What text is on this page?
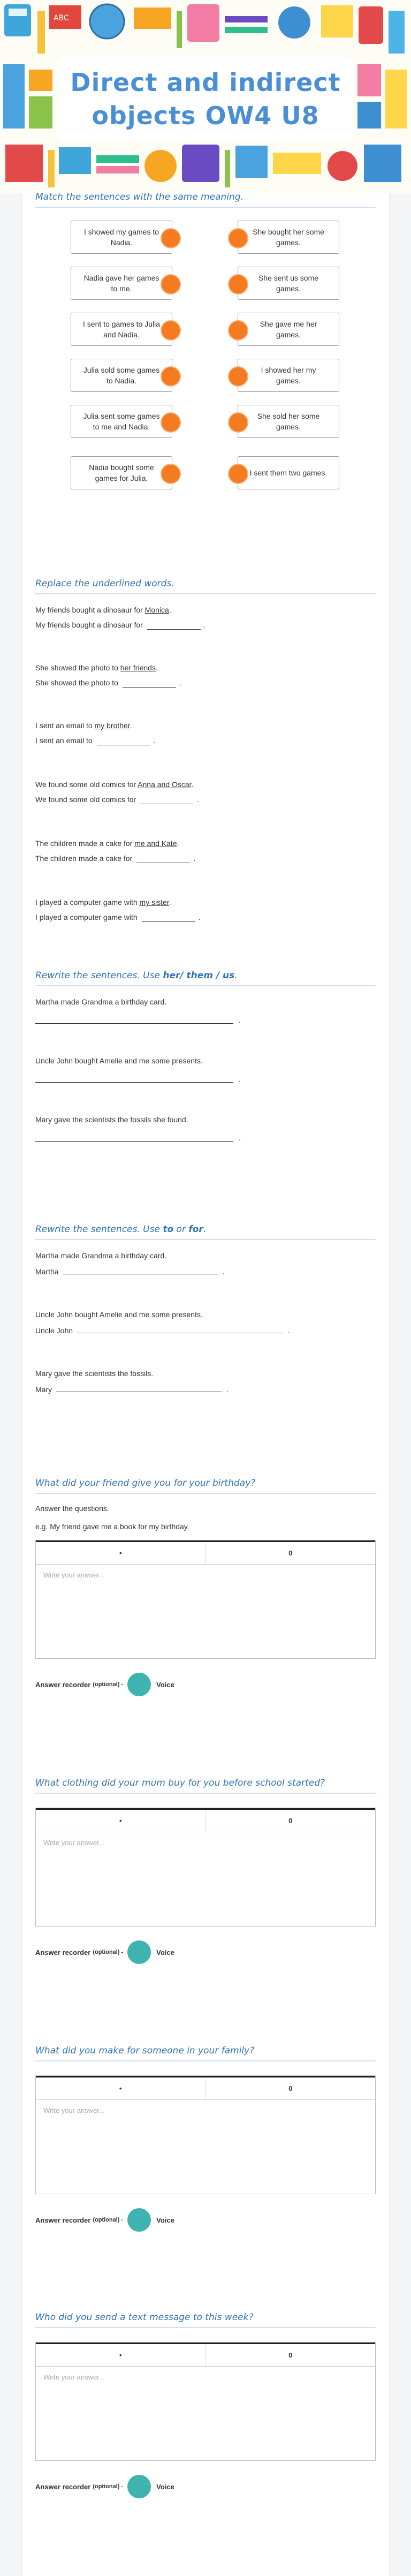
ABC
Direct and indirect
objects OW4 U8
Match the sentences with the same meaning.
I showed my games to Nadia.
Nadia gave her games to me.
I sent to games to Julia and Nadia.
Julia sold some games to Nadia.
Julia sent some games to me and Nadia.
Nadia bought some games for Julia.
She bought her some games.
She sent us some games.
She gave me her games.
I showed her my games.
She sold her some games.
I sent them two games.
Replace the underlined words.
My friends bought a dinosaur for Monica.
My friends bought a dinosaur for	.
She showed the photo to her friends.
She showed the photo to	.
I sent an email to my brother.
I sent an email to	.
We found some old comics for Anna and Oscar.
We found some old comics for	.
The children made a cake for me and Kate.
The children made a cake for	.
I played a computer game with my sister.
I played a computer game with	.
Rewrite the sentences. Use her/ them / us.
Martha made Grandma a birthday card.
.
Uncle John bought Amelie and me some presents.
.
Mary gave the scientists the fossils she found.
.
Rewrite the sentences. Use to or for.
Martha made Grandma a birthday card.
Martha	.
Uncle John bought Amelie and me some presents.
Uncle John	.
Mary gave the scientists the fossils.
Mary	.
What did your friend give you for your birthday?
Answer the questions.
e.g. My friend gave me a book for my birthday.
•	0
Write your answer...
Answer recorder (optional) -	Voice
What clothing did your mum buy for you before school started?
•	0
Write your answer...
Answer recorder (optional) -	Voice
What did you make for someone in your family?
•	0
Write your answer...
Answer recorder (optional) -	Voice
Who did you send a text message to this week?
•	0
Write your answer...
Answer recorder (optional) -	Voice
